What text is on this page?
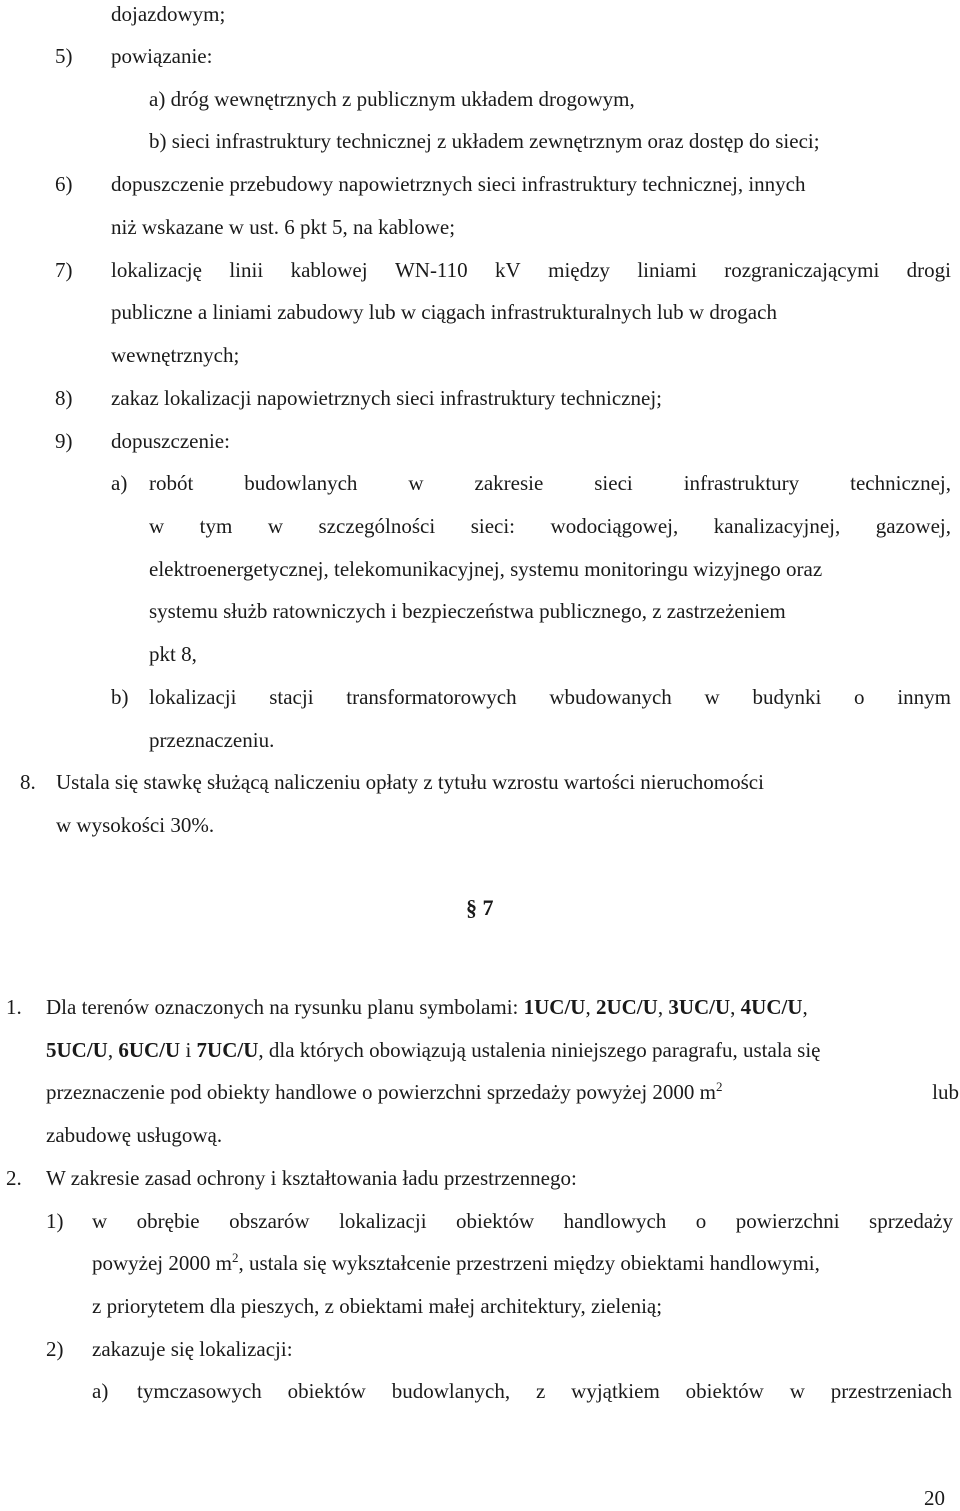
dojazdowym;
5) powiązanie:
a) dróg wewnętrznych z publicznym układem drogowym,
b) sieci infrastruktury technicznej z układem zewnętrznym oraz dostęp do sieci;
6) dopuszczenie przebudowy napowietrznych sieci infrastruktury technicznej, innych
niż wskazane w ust. 6 pkt 5, na kablowe;
7) lokalizację linii kablowej WN-110 kV między liniami rozgraniczającymi drogi
publiczne a liniami zabudowy lub w ciągach infrastrukturalnych lub w drogach
wewnętrznych;
8) zakaz lokalizacji napowietrznych sieci infrastruktury technicznej;
9) dopuszczenie:
a) robót budowlanych w zakresie sieci infrastruktury technicznej,
w tym w szczególności sieci: wodociągowej, kanalizacyjnej, gazowej,
elektroenergetycznej, telekomunikacyjnej, systemu monitoringu wizyjnego oraz
systemu służb ratowniczych i bezpieczeństwa publicznego, z zastrzeżeniem
pkt 8,
b) lokalizacji stacji transformatorowych wbudowanych w budynki o innym
przeznaczeniu.
8. Ustala się stawkę służącą naliczeniu opłaty z tytułu wzrostu wartości nieruchomości
w wysokości 30%.
§ 7
1. Dla terenów oznaczonych na rysunku planu symbolami: 1UC/U, 2UC/U, 3UC/U, 4UC/U,
5UC/U, 6UC/U i 7UC/U, dla których obowiązują ustalenia niniejszego paragrafu, ustala się
przeznaczenie pod obiekty handlowe o powierzchni sprzedaży powyżej 2000 $m^2$	lub
zabudowę usługową.
2. W zakresie zasad ochrony i kształtowania ładu przestrzennego:
1) w obrębie obszarów lokalizacji obiektów handlowych o powierzchni sprzedaży
powyżej 2000 $m^2$, ustala się wykształcenie przestrzeni między obiektami handlowymi,
z priorytetem dla pieszych, z obiektami małej architektury, zielenią;
2) zakazuje się lokalizacji:
a) tymczasowych obiektów budowlanych, z wyjątkiem obiektów w przestrzeniach
20
